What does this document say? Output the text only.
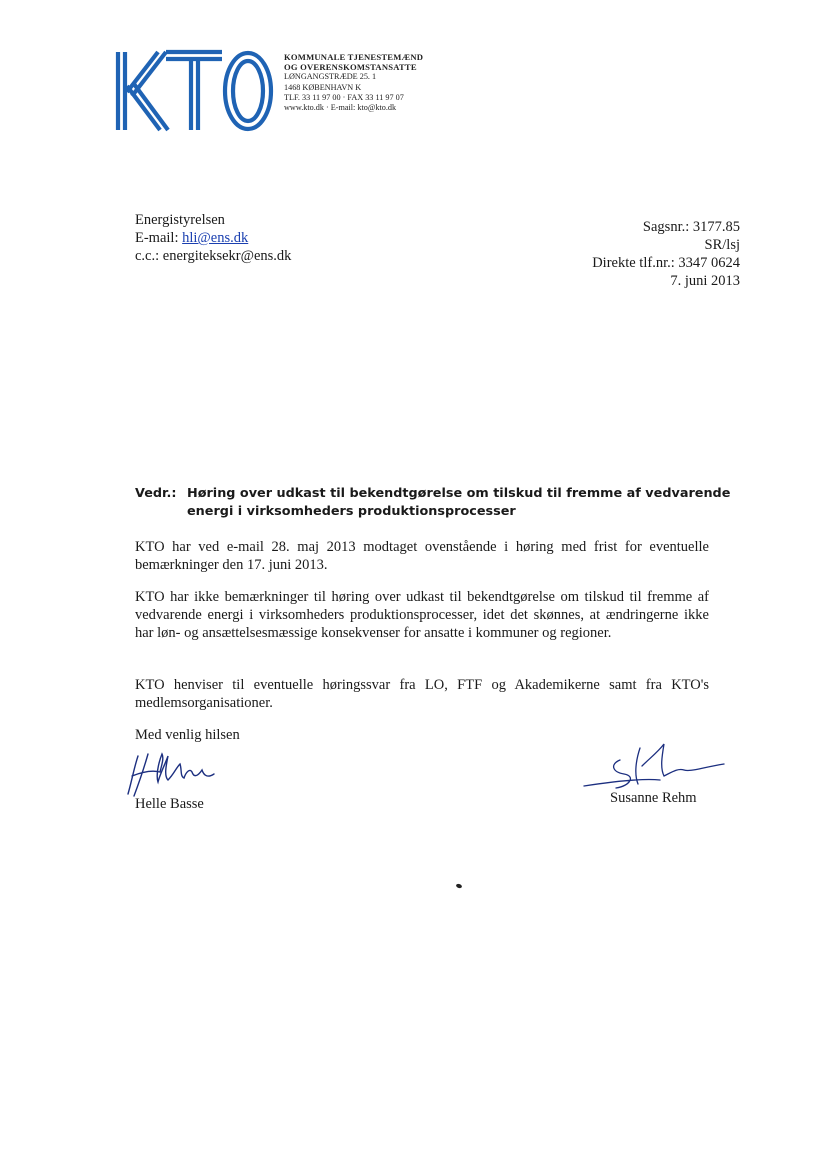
KOMMUNALE TJENESTEMÆND
OG OVERENSKOMSTANSATTE
LØNGANGSTRÆDE 25. 1
1468 KØBENHAVN K
TLF. 33 11 97 00 · FAX 33 11 97 07
www.kto.dk · E-mail: kto@kto.dk
Energistyrelsen
E-mail: hli@ens.dk
c.c.: energiteksekr@ens.dk
Sagsnr.: 3177.85
SR/lsj
Direkte tlf.nr.: 3347 0624
7. juni 2013
Vedr.: Høring over udkast til bekendtgørelse om tilskud til fremme af vedvarende
energi i virksomheders produktionsprocesser
KTO har ved e-mail 28. maj 2013 modtaget ovenstående i høring med frist for eventuelle bemærkninger den 17. juni 2013.
KTO har ikke bemærkninger til høring over udkast til bekendtgørelse om tilskud til fremme af vedvarende energi i virksomheders produktionsprocesser, idet det skønnes, at ændringerne ikke har løn- og ansættelsesmæssige konsekvenser for ansatte i kommuner og regioner.
KTO henviser til eventuelle høringssvar fra LO, FTF og Akademikerne samt fra KTO's medlemsorganisationer.
Med venlig hilsen
Helle Basse	Susanne Rehm
